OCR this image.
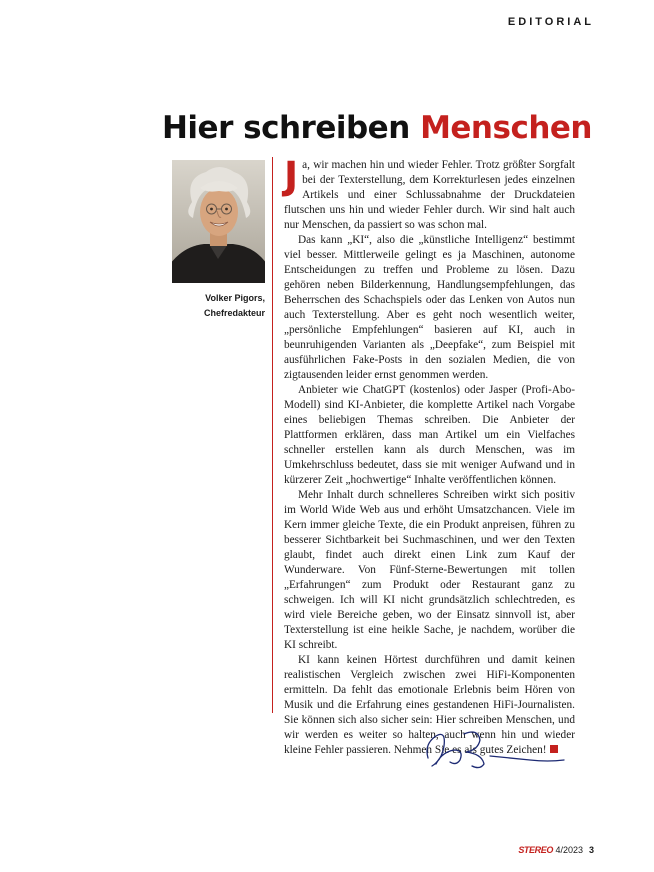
EDITORIAL
Hier schreiben Menschen
Volker Pigors,
Chefredakteur

Ja, wir machen hin und wieder Fehler. Trotz größter Sorgfalt bei der Texterstellung, dem Korrekturlesen jedes einzelnen Artikels und einer Schlussabnahme der Druckdateien flutschen uns hin und wieder Fehler durch. Wir sind halt auch nur Menschen, da passiert so was schon mal.

Das kann „KI“, also die „künstliche Intelligenz“ bestimmt viel besser. Mittlerweile gelingt es ja Maschinen, autonome Entscheidungen zu treffen und Probleme zu lösen. Dazu gehören neben Bilderkennung, Handlungsempfehlungen, das Beherrschen des Schachspiels oder das Lenken von Autos nun auch Texterstellung. Aber es geht noch wesentlich weiter, „persönliche Empfehlungen“ basieren auf KI, auch in beunruhigenden Varianten als „Deepfake“, zum Beispiel mit ausführlichen Fake-Posts in den sozialen Medien, die von zigtausenden leider ernst genommen werden.

Anbieter wie ChatGPT (kostenlos) oder Jasper (Profi-Abo-Modell) sind KI-Anbieter, die komplette Artikel nach Vorgabe eines beliebigen Themas schreiben. Die Anbieter der Plattformen erklären, dass man Artikel um ein Vielfaches schneller erstellen kann als durch Menschen, was im Umkehrschluss bedeutet, dass sie mit weniger Aufwand und in kürzerer Zeit „hochwertige“ Inhalte veröffentlichen können.

Mehr Inhalt durch schnelleres Schreiben wirkt sich positiv im World Wide Web aus und erhöht Umsatzchancen. Viele im Kern immer gleiche Texte, die ein Produkt anpreisen, führen zu besserer Sichtbarkeit bei Suchmaschinen, und wer den Texten glaubt, findet auch direkt einen Link zum Kauf der Wunderware. Von Fünf-Sterne-Bewertungen mit tollen „Erfahrungen“ zum Produkt oder Restaurant ganz zu schweigen. Ich will KI nicht grundsätzlich schlechtreden, es wird viele Bereiche geben, wo der Einsatz sinnvoll ist, aber Texterstellung ist eine heikle Sache, je nachdem, worüber die KI schreibt.

KI kann keinen Hörtest durchführen und damit keinen realistischen Vergleich zwischen zwei HiFi-Komponenten ermitteln. Da fehlt das emotionale Erlebnis beim Hören von Musik und die Erfahrung eines gestandenen HiFi-Journalisten. Sie können sich also sicher sein: Hier schreiben Menschen, und wir werden es weiter so halten, auch wenn hin und wieder kleine Fehler passieren. Nehmen Sie es als gutes Zeichen!

STEREO 4/2023 3
